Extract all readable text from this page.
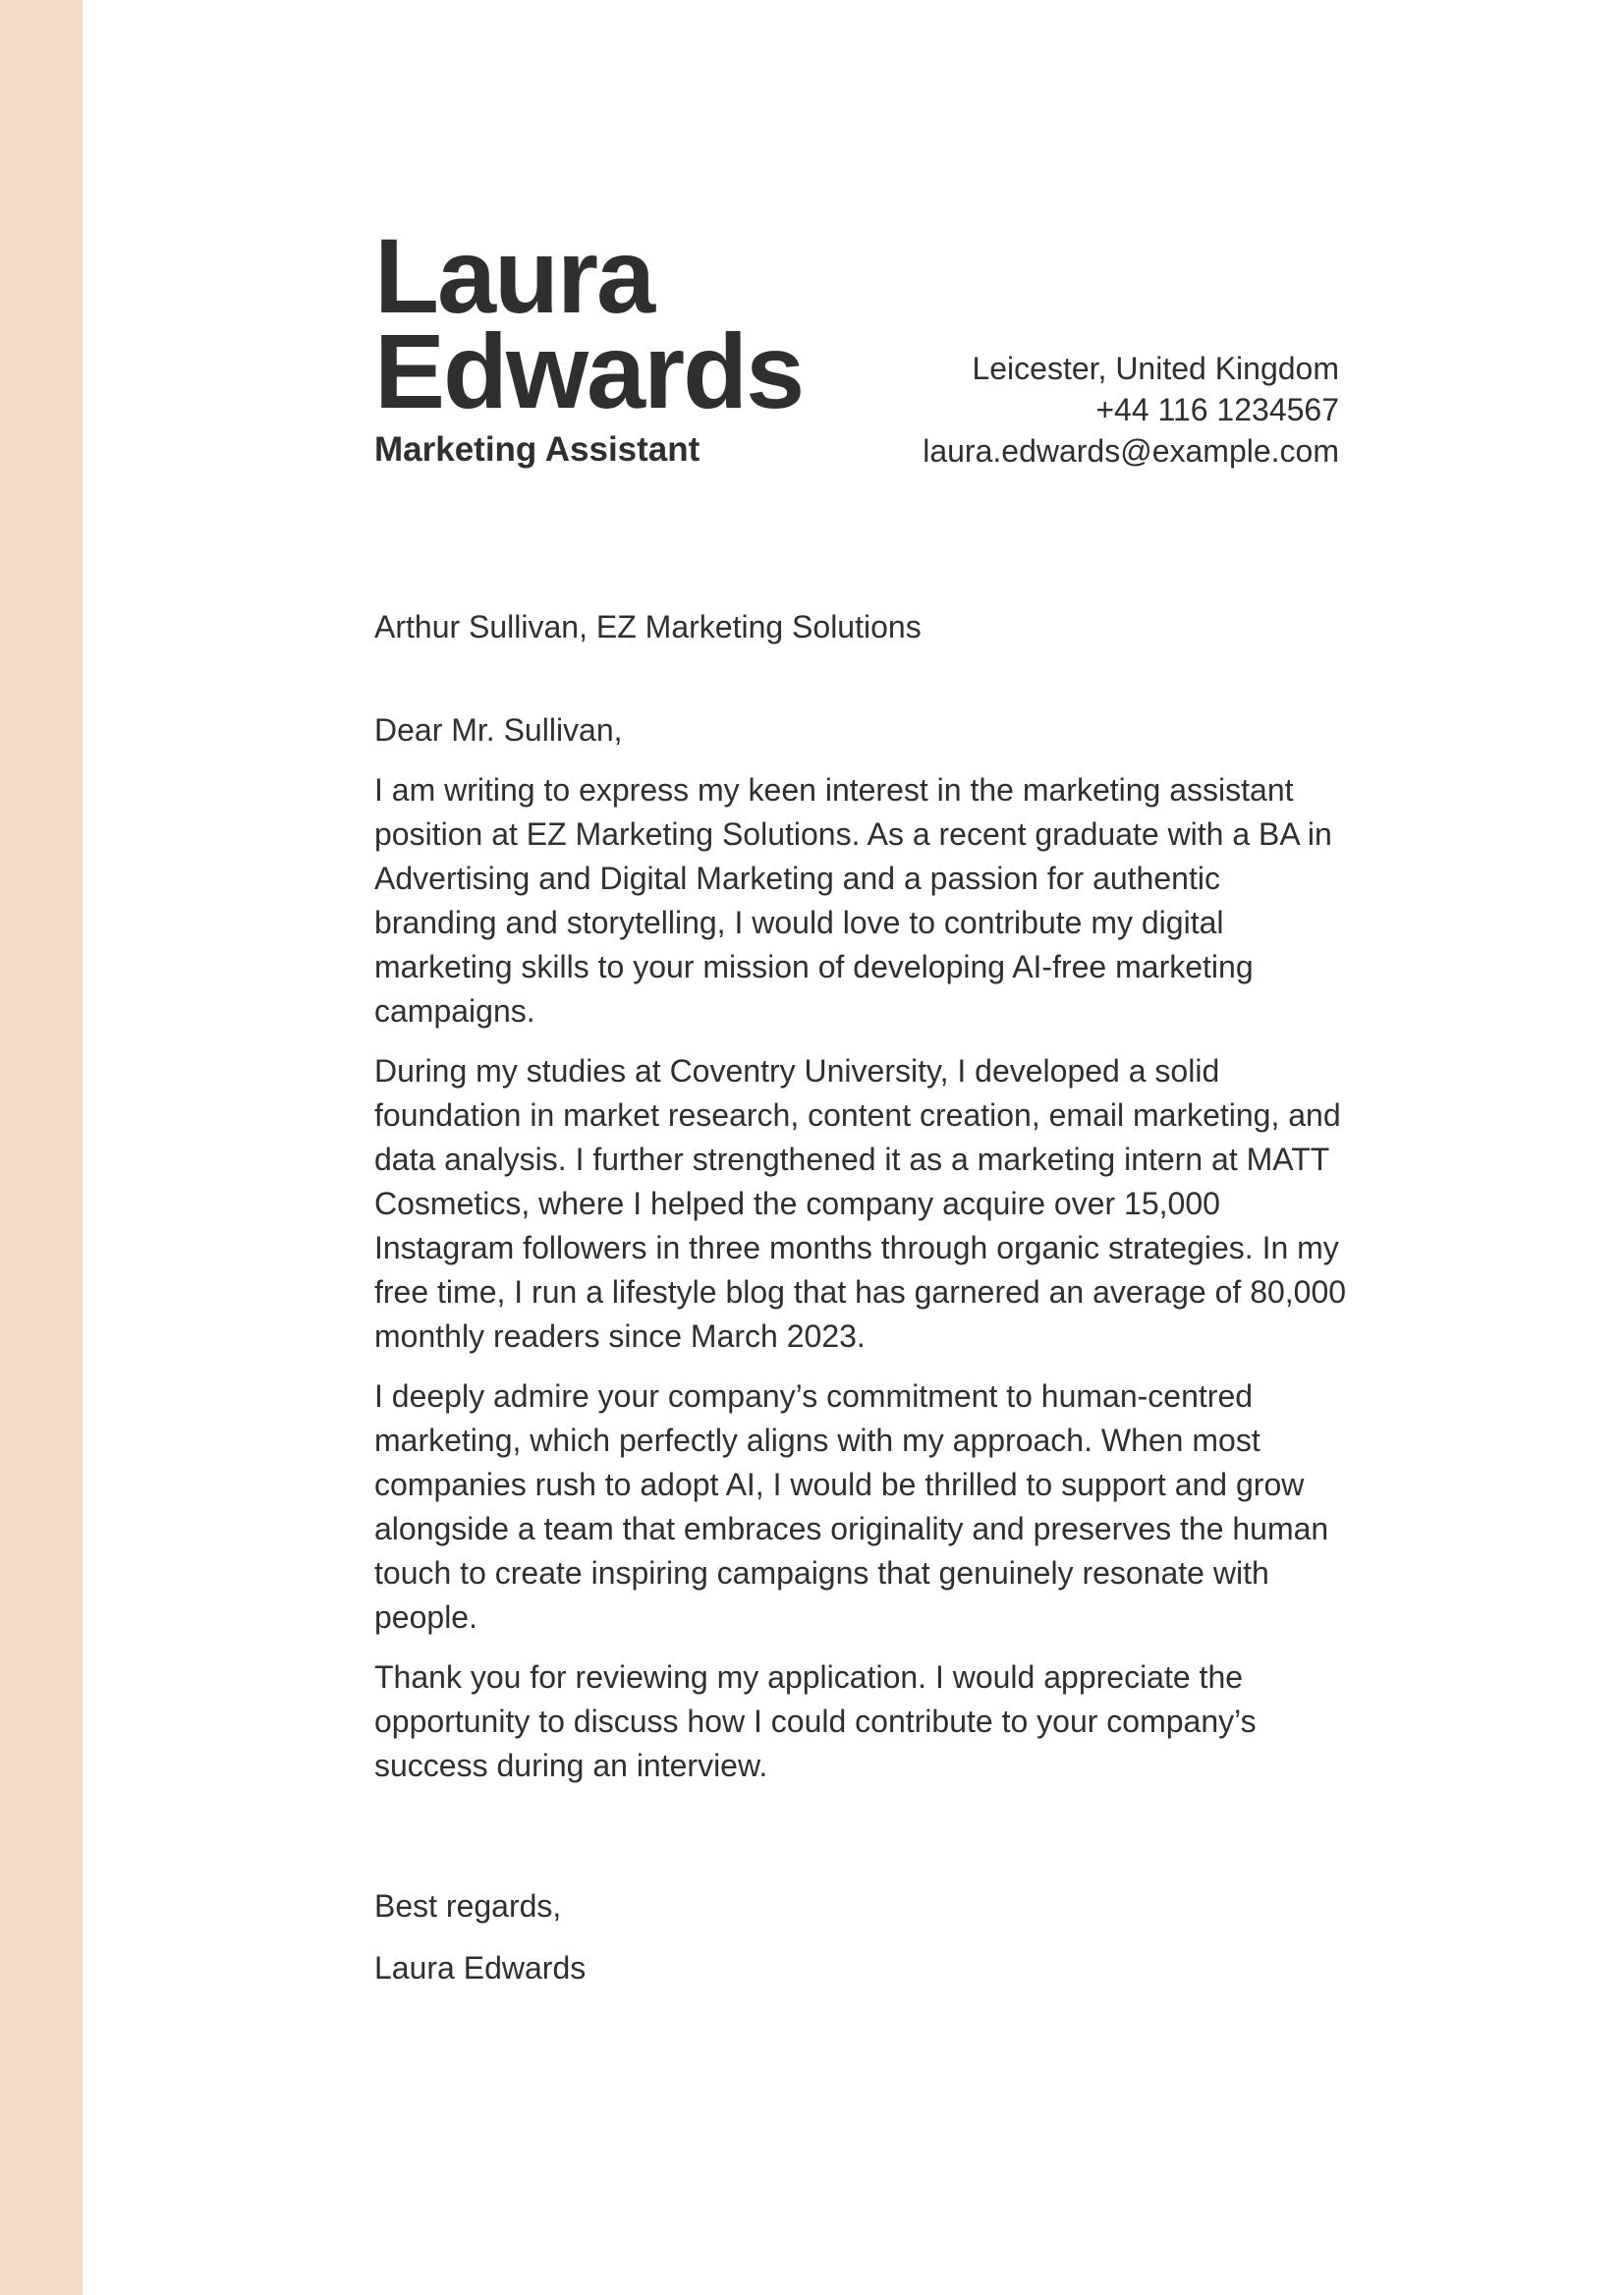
Laura
Edwards
Marketing Assistant
Leicester, United Kingdom
+44 116 1234567
laura.edwards@example.com

Arthur Sullivan, EZ Marketing Solutions

Dear Mr. Sullivan,

I am writing to express my keen interest in the marketing assistant position at EZ Marketing Solutions. As a recent graduate with a BA in Advertising and Digital Marketing and a passion for authentic branding and storytelling, I would love to contribute my digital marketing skills to your mission of developing AI-free marketing campaigns.

During my studies at Coventry University, I developed a solid foundation in market research, content creation, email marketing, and data analysis. I further strengthened it as a marketing intern at MATT Cosmetics, where I helped the company acquire over 15,000 Instagram followers in three months through organic strategies. In my free time, I run a lifestyle blog that has garnered an average of 80,000 monthly readers since March 2023.

I deeply admire your company’s commitment to human-centred marketing, which perfectly aligns with my approach. When most companies rush to adopt AI, I would be thrilled to support and grow alongside a team that embraces originality and preserves the human touch to create inspiring campaigns that genuinely resonate with people.

Thank you for reviewing my application. I would appreciate the opportunity to discuss how I could contribute to your company’s success during an interview.

Best regards,

Laura Edwards
